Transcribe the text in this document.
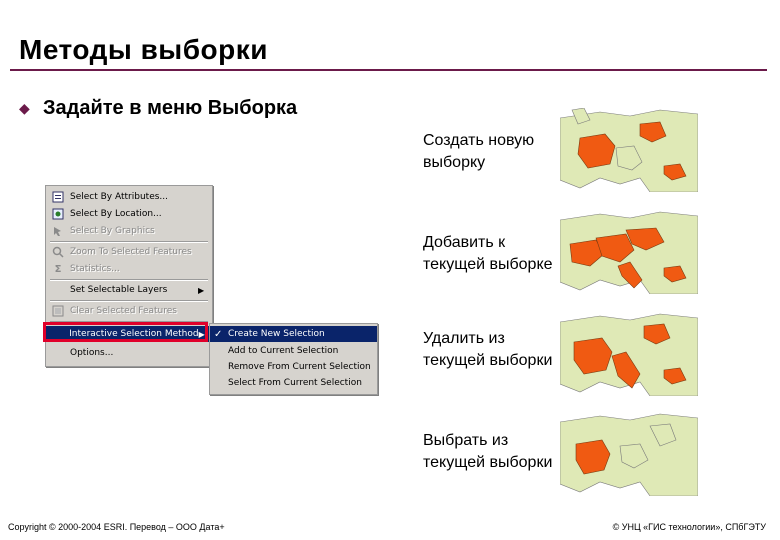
Методы выборки
◆ Задайте в меню Выборка
Select By Attributes...
Select By Location...
Select By Graphics
Zoom To Selected Features
Σ Statistics...
Set Selectable Layers	▶
Clear Selected Features
Interactive Selection Method ▶
Options...
✓ Create New Selection
Add to Current Selection
Remove From Current Selection
Select From Current Selection
Создать новую выборку
Добавить к текущей выборке
Удалить из текущей выборки
Выбрать из текущей выборки
Copyright © 2000-2004 ESRI. Перевод – ООО Дата+	© УНЦ «ГИС технологии», СПбГЭТУ
